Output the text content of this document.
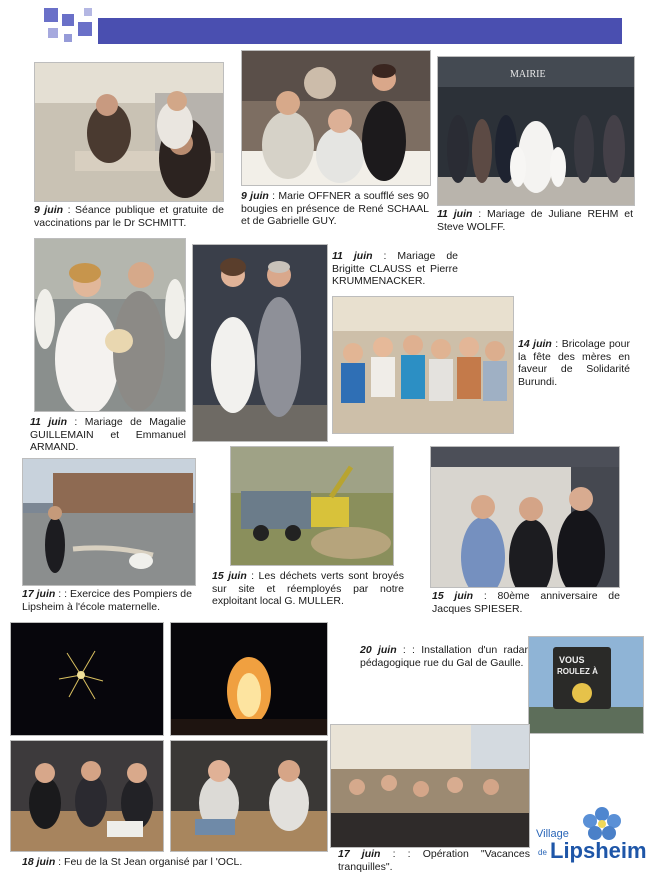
MAIRIE
9 juin : Séance publique et gratuite de vaccinations par le Dr SCHMITT.
9 juin : Marie OFFNER a soufflé ses 90 bougies en présence de René SCHAAL et de Gabrielle GUY.
11 juin : Mariage de Juliane REHM et Steve WOLFF.
11 juin : Mariage de Brigitte CLAUSS et Pierre KRUMMENACKER.
14 juin : Bricolage pour la fête des mères en faveur de Solidarité Burundi.
11 juin : Mariage de Magalie GUILLEMAIN et Emmanuel ARMAND.
17 juin : : Exercice des Pompiers de Lipsheim à l'école maternelle.
15 juin : Les déchets verts sont broyés sur site et réemployés par notre exploitant local G. MULLER.	15 juin : 80ème anniversaire de Jacques SPIESER.
20 juin : : Installation d'un radar pédagogique rue du Gal de Gaulle.	VOUS
ROULEZ À
18 juin : Feu de la St Jean organisé par l 'OCL.
17 juin : : Opération "Vacances tranquilles".
Village
de Lipsheim
